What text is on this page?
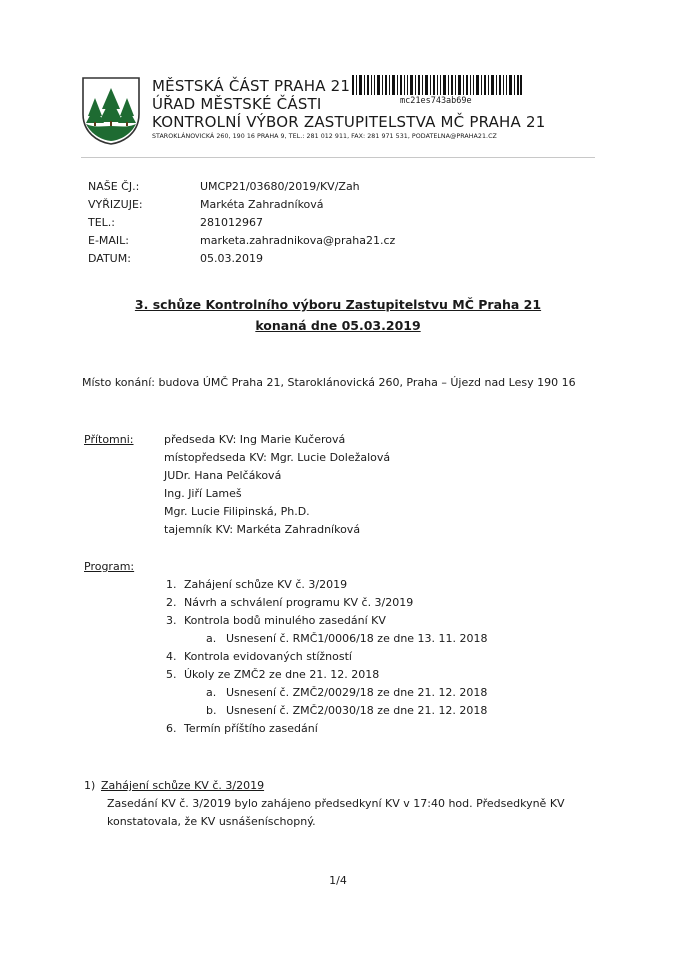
MĚSTSKÁ ČÁST PRAHA 21
ÚŘAD MĚSTSKÉ ČÁSTI
KONTROLNÍ VÝBOR ZASTUPITELSTVA MČ PRAHA 21
STAROKLÁNOVICKÁ 260, 190 16 PRAHA 9, TEL.: 281 012 911, FAX: 281 971 531, PODATELNA@PRAHA21.CZ
mc21es743ab69e
NAŠE ČJ.:	UMCP21/03680/2019/KV/Zah
VYŘIZUJE:	Markéta Zahradníková
TEL.:	281012967
E-MAIL:	marketa.zahradnikova@praha21.cz
DATUM:	05.03.2019
3. schůze Kontrolního výboru Zastupitelstvu MČ Praha 21
konaná dne 05.03.2019
Místo konání: budova ÚMČ Praha 21, Staroklánovická 260, Praha – Újezd nad Lesy 190 16
Přítomni:	předseda KV: Ing Marie Kučerová
místopředseda KV: Mgr. Lucie Doležalová
JUDr. Hana Pelčáková
Ing. Jiří Lameš
Mgr. Lucie Filipinská, Ph.D.
tajemník KV: Markéta Zahradníková
Program:
1. Zahájení schůze KV č. 3/2019
2. Návrh a schválení programu KV č. 3/2019
3. Kontrola bodů minulého zasedání KV
a. Usnesení č. RMČ1/0006/18 ze dne 13. 11. 2018
4. Kontrola evidovaných stížností
5. Úkoly ze ZMČ2 ze dne 21. 12. 2018
a. Usnesení č. ZMČ2/0029/18 ze dne 21. 12. 2018
b. Usnesení č. ZMČ2/0030/18 ze dne 21. 12. 2018
6. Termín příštího zasedání
1) Zahájení schůze KV č. 3/2019
Zasedání KV č. 3/2019 bylo zahájeno předsedkyní KV v 17:40 hod. Předsedkyně KV
konstatovala, že KV usnášeníschopný.
1/4
